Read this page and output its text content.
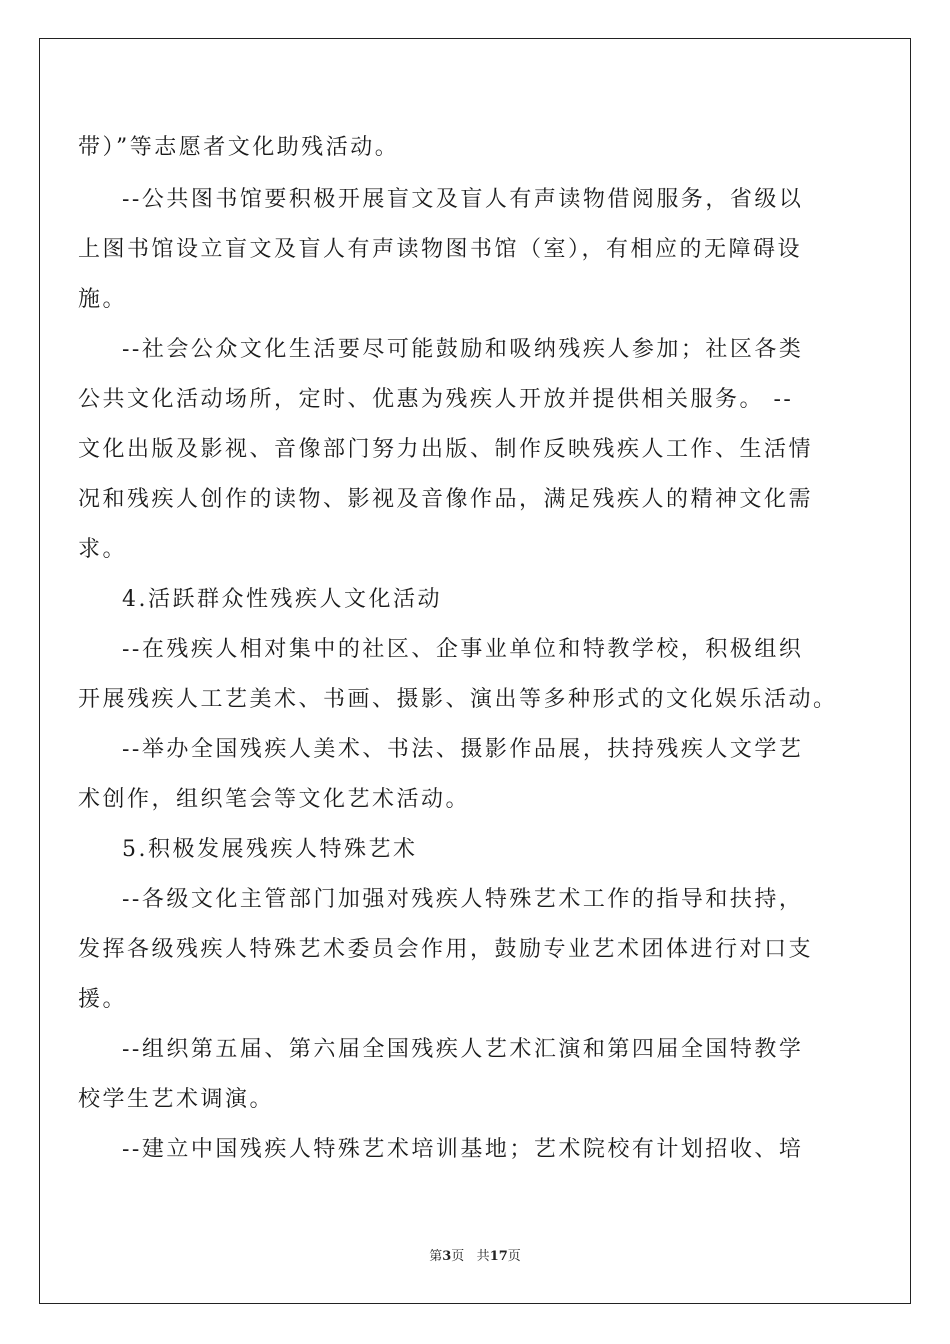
带）”等志愿者文化助残活动。
--公共图书馆要积极开展盲文及盲人有声读物借阅服务，省级以
上图书馆设立盲文及盲人有声读物图书馆（室），有相应的无障碍设
施。
--社会公众文化生活要尽可能鼓励和吸纳残疾人参加；社区各类
公共文化活动场所，定时、优惠为残疾人开放并提供相关服务。 --
文化出版及影视、音像部门努力出版、制作反映残疾人工作、生活情
况和残疾人创作的读物、影视及音像作品，满足残疾人的精神文化需
求。
4.活跃群众性残疾人文化活动
--在残疾人相对集中的社区、企事业单位和特教学校，积极组织
开展残疾人工艺美术、书画、摄影、演出等多种形式的文化娱乐活动。
--举办全国残疾人美术、书法、摄影作品展，扶持残疾人文学艺
术创作，组织笔会等文化艺术活动。
5.积极发展残疾人特殊艺术
--各级文化主管部门加强对残疾人特殊艺术工作的指导和扶持，
发挥各级残疾人特殊艺术委员会作用，鼓励专业艺术团体进行对口支
援。
--组织第五届、第六届全国残疾人艺术汇演和第四届全国特教学
校学生艺术调演。
--建立中国残疾人特殊艺术培训基地；艺术院校有计划招收、培
第3页 共17页
